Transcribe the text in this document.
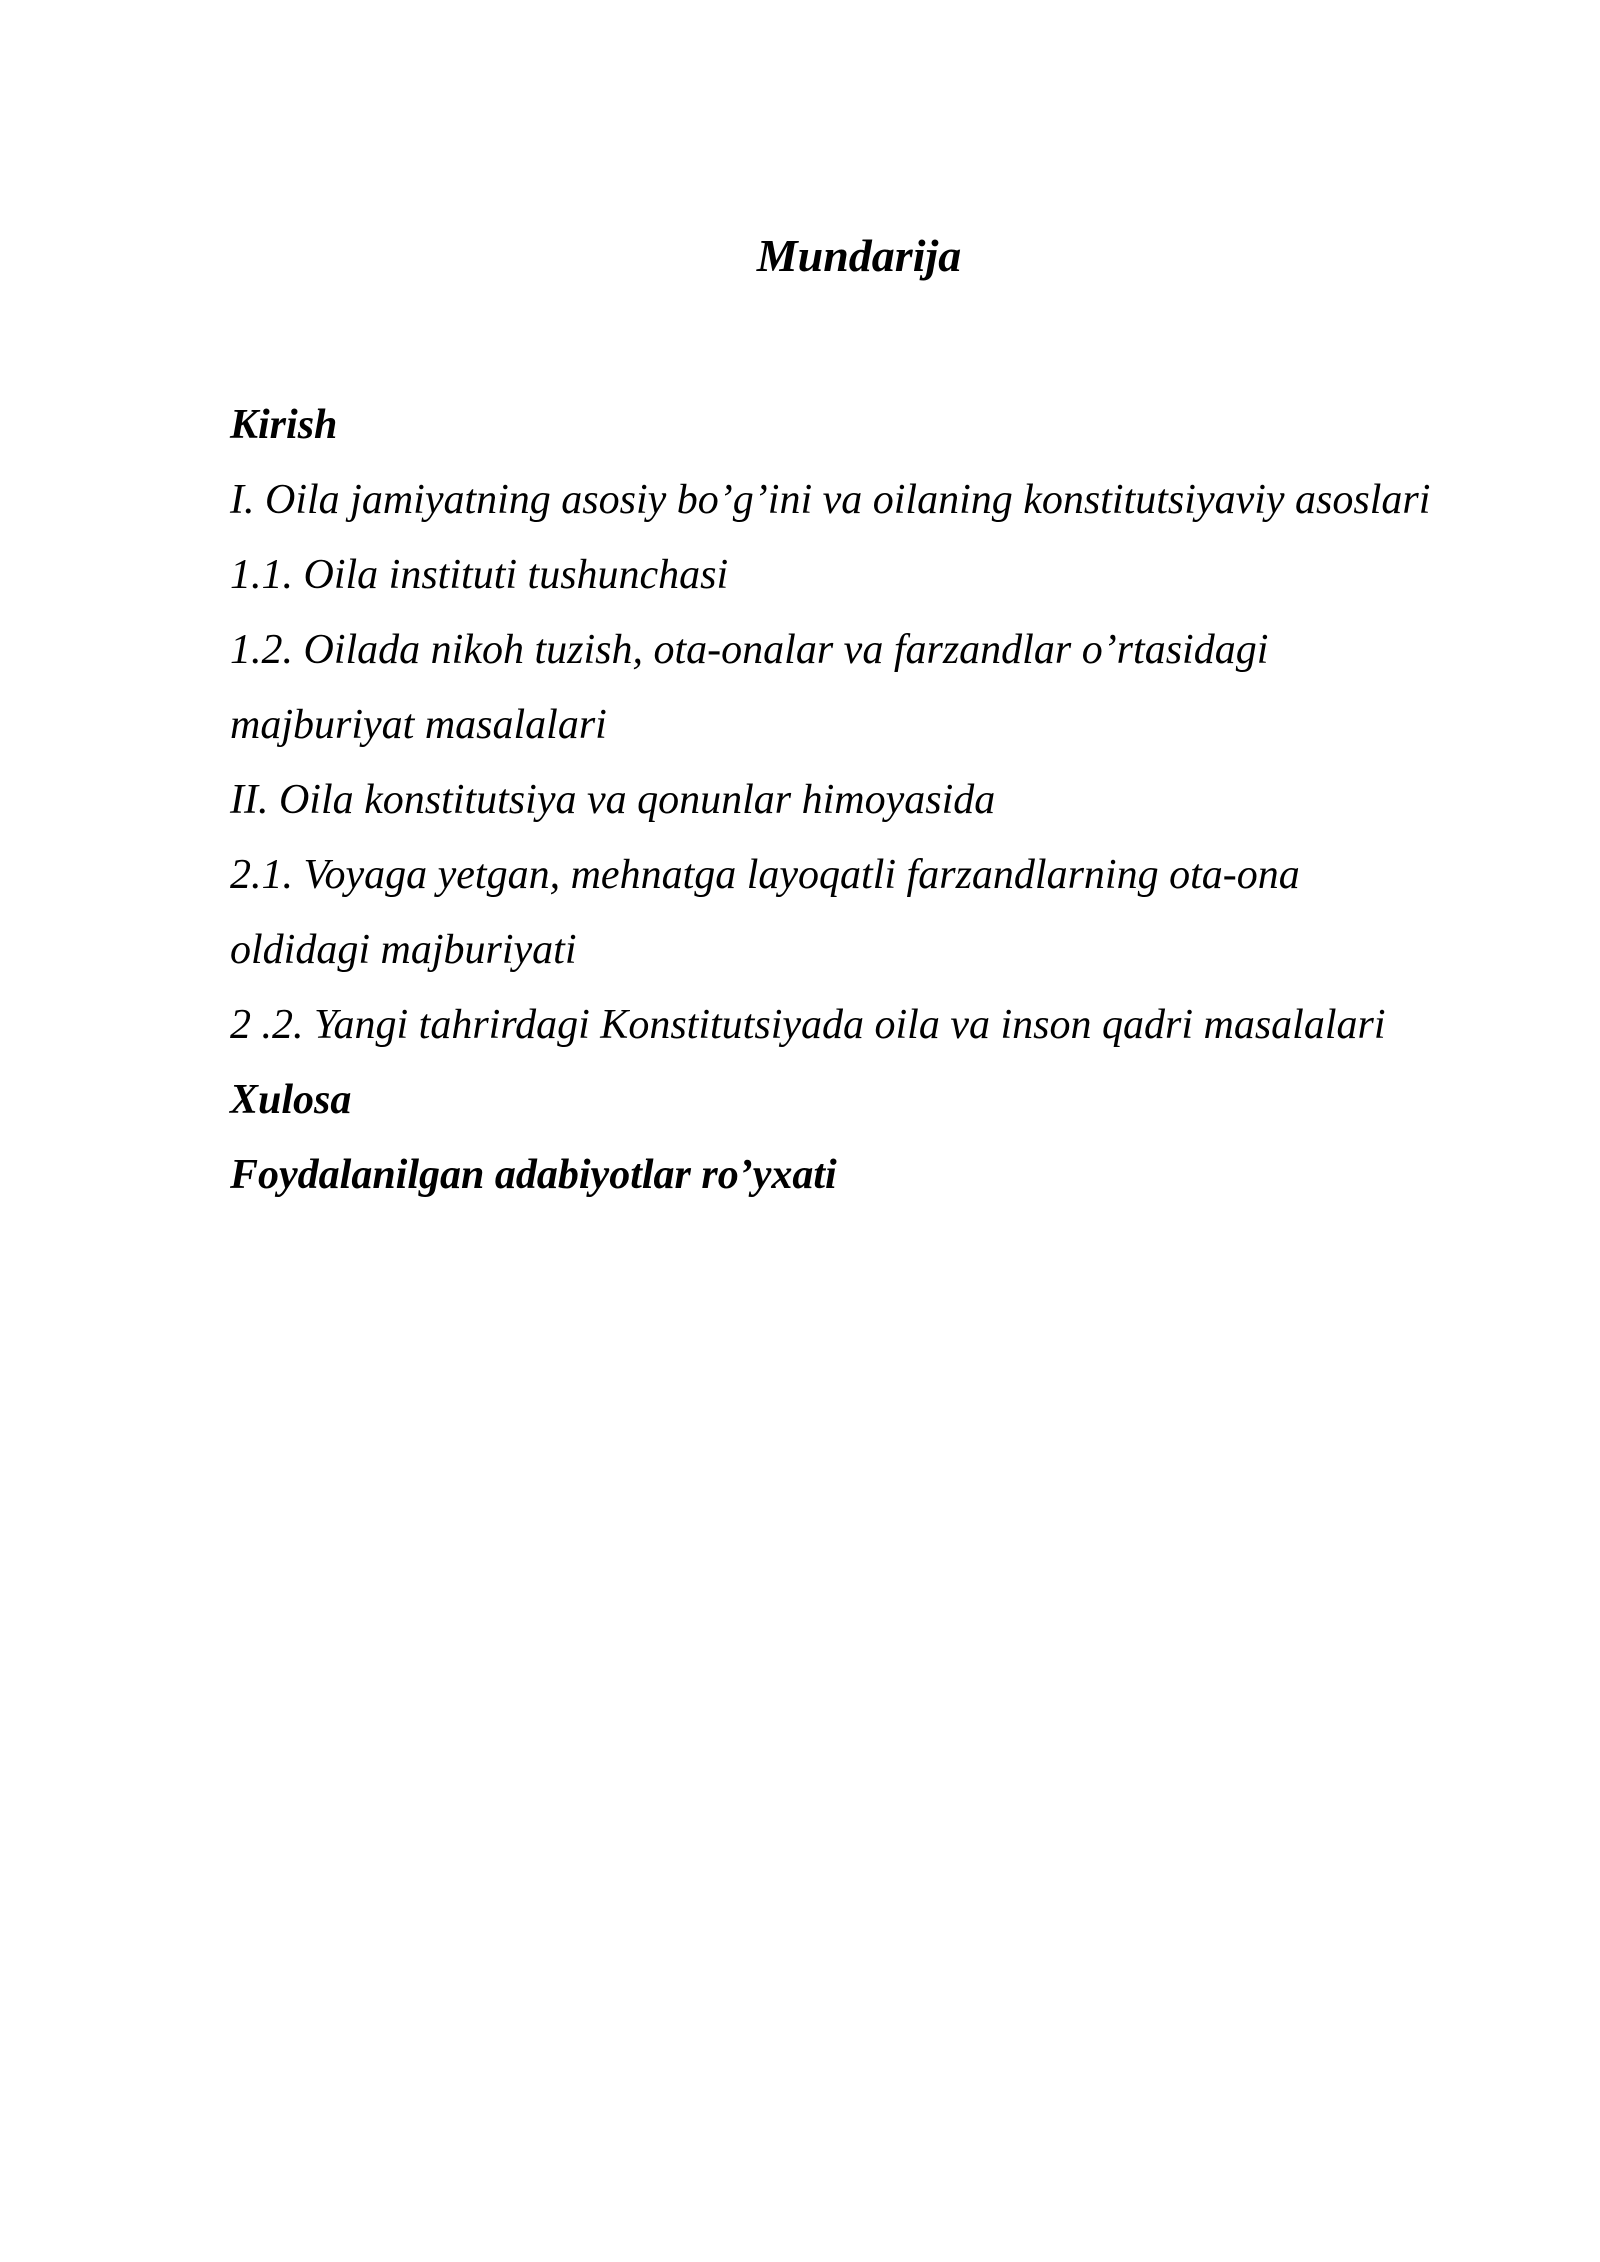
Mundarija
Kirish
I. Oila jamiyatning asosiy bo’g’ini va oilaning konstitutsiyaviy asoslari
1.1. Oila instituti tushunchasi
1.2. Oilada nikoh tuzish, ota-onalar va farzandlar o’rtasidagi
majburiyat masalalari
II. Oila konstitutsiya va qonunlar himoyasida
2.1. Voyaga yetgan, mehnatga layoqatli farzandlarning ota-ona
oldidagi majburiyati
2 .2. Yangi tahrirdagi Konstitutsiyada oila va inson qadri masalalari
Xulosa
Foydalanilgan adabiyotlar ro’yxati
